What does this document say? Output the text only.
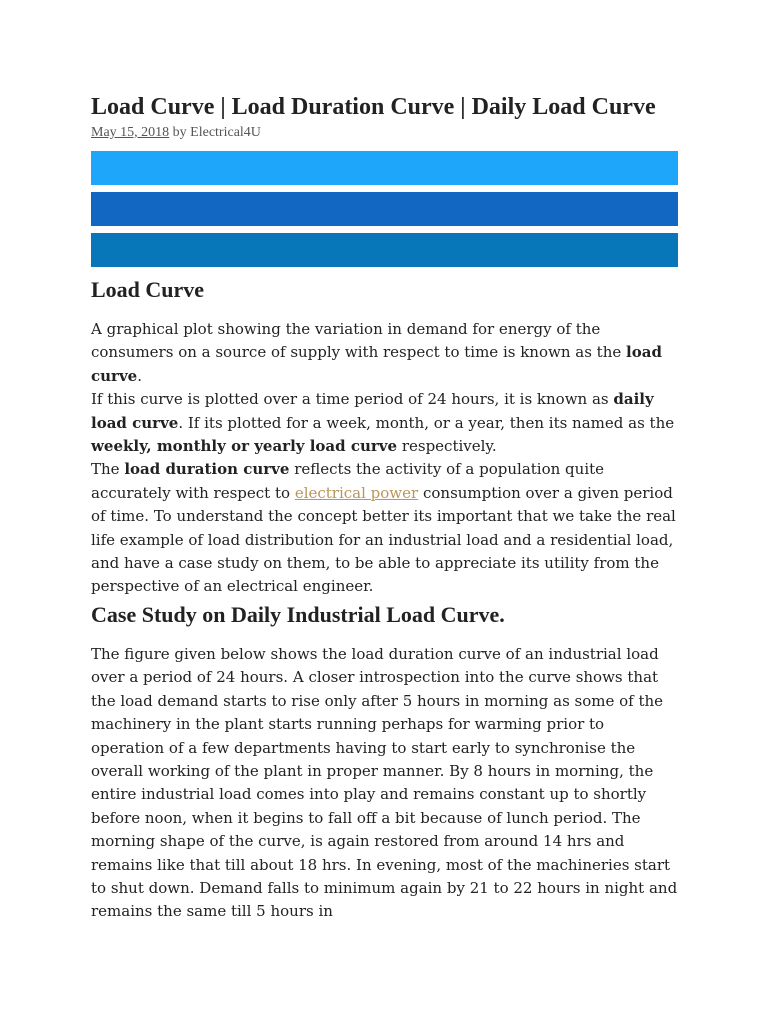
Load Curve | Load Duration Curve | Daily Load Curve
May 15, 2018 by Electrical4U
Load Curve

A graphical plot showing the variation in demand for energy of the consumers on a source of supply with respect to time is known as the load curve.

If this curve is plotted over a time period of 24 hours, it is known as daily load curve. If its plotted for a week, month, or a year, then its named as the weekly, monthly or yearly load curve respectively.

The load duration curve reflects the activity of a population quite accurately with respect to electrical power consumption over a given period of time. To understand the concept better its important that we take the real life example of load distribution for an industrial load and a residential load, and have a case study on them, to be able to appreciate its utility from the perspective of an electrical engineer.

Case Study on Daily Industrial Load Curve.

The figure given below shows the load duration curve of an industrial load over a period of 24 hours. A closer introspection into the curve shows that the load demand starts to rise only after 5 hours in morning as some of the machinery in the plant starts running perhaps for warming prior to operation of a few departments having to start early to synchronise the overall working of the plant in proper manner. By 8 hours in morning, the entire industrial load comes into play and remains constant up to shortly before noon, when it begins to fall off a bit because of lunch period. The morning shape of the curve, is again restored from around 14 hrs and remains like that till about 18 hrs. In evening, most of the machineries start to shut down. Demand falls to minimum again by 21 to 22 hours in night and remains the same till 5 hours in
